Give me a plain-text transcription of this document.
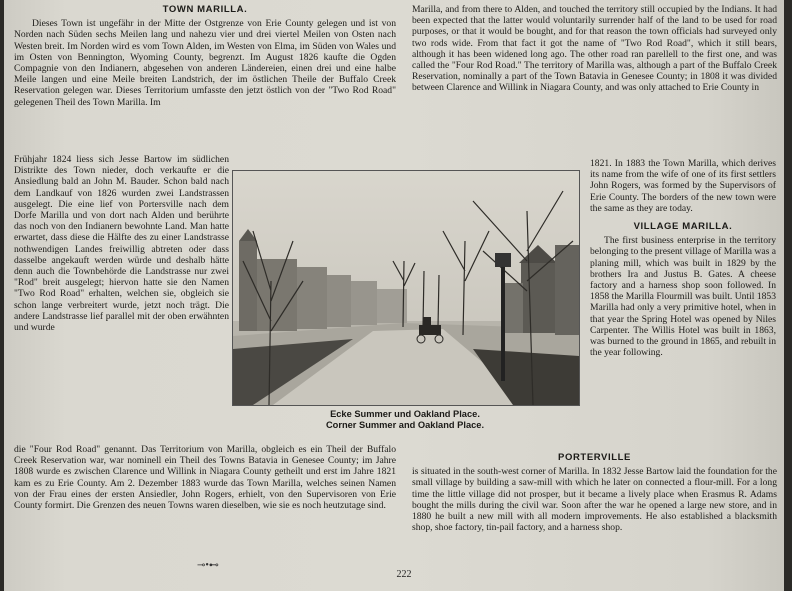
TOWN MARILLA.

Dieses Town ist ungefähr in der Mitte der Ostgrenze von Erie County gelegen und ist von Norden nach Süden sechs Meilen lang und nahezu vier und drei viertel Meilen von Osten nach Westen breit. Im Norden wird es vom Town Alden, im Westen von Elma, im Süden von Wales und im Osten von Bennington, Wyoming County, begrenzt. Im August 1826 kaufte die Ogden Compagnie von den Indianern, abgesehen von anderen Ländereien, einen drei und eine halbe Meile langen und eine Meile breiten Landstrich, der im östlichen Theile der Buffalo Creek Reservation gelegen war. Dieses Territorium umfasste den jetzt östlich von der "Two Rod Road" gelegenen Theil des Town Marilla. Im

Frühjahr 1824 liess sich Jesse Bartow im südlichen Distrikte des Town nieder, doch verkaufte er die Ansiedlung bald an John M. Bauder. Schon bald nach dem Landkauf von 1826 wurden zwei Landstrassen ausgelegt. Die eine lief von Portersville nach dem Dorfe Marilla und von dort nach Alden und berührte das noch von den Indianern bewohnte Land. Man hatte erwartet, dass diese die Hälfte des zu einer Landstrasse nothwendigen Landes freiwillig abtreten oder dass dasselbe angekauft werden würde und deshalb hätte denn auch die Townbehörde die Landstrasse nur zwei "Rod" breit ausgelegt; hiervon hatte sie den Namen "Two Rod Road" erhalten, welchen sie, obgleich sie schon lange verbreitert wurde, jetzt noch trägt. Die andere Landstrasse lief parallel mit der oben erwähnten und wurde

die "Four Rod Road" genannt. Das Territorium von Marilla, obgleich es ein Theil der Buffalo Creek Reservation war, war nominell ein Theil des Towns Batavia in Genesee County; im Jahre 1808 wurde es zwischen Clarence und Willink in Niagara County getheilt und erst im Jahre 1821 kam es zu Erie County. Am 2. Dezember 1883 wurde das Town Marilla, welches seinen Namen von der Frau eines der ersten Ansiedler, John Rogers, erhielt, von den Supervisoren von Erie County formirt. Die Grenzen des neuen Towns waren dieselben, wie sie es noch heutzutage sind.

Marilla, and from there to Alden, and touched the territory still occupied by the Indians. It had been expected that the latter would voluntarily surrender half of the land to be used for road purposes, or that it would be bought, and for that reason the town officials had surveyed only two rods wide. From that fact it got the name of "Two Rod Road", which it still bears, although it has been widened long ago. The other road ran parellell to the first one, and was called the "Four Rod Road." The territory of Marilla was, although a part of the Buffalo Creek Reservation, nominally a part of the Town Batavia in Genesee County; in 1808 it was divided between Clarence and Willink in Niagara County, and was only attached to Erie County in

1821. In 1883 the Town Marilla, which derives its name from the wife of one of its first settlers John Rogers, was formed by the Supervisors of Erie County. The borders of the new town were the same as they are today.

VILLAGE MARILLA.

The first business enterprise in the territory belonging to the present village of Marilla was a planing mill, which was built in 1829 by the brothers Ira and Justus B. Gates. A cheese factory and a harness shop soon followed. In 1858 the Marilla Flourmill was built. Until 1853 Marilla had only a very primitive hotel, when in that year the Spring Hotel was opened by Niles Carpenter. The Willis Hotel was built in 1863, was burned to the ground in 1865, and rebuilt in the year following.

PORTERVILLE

is situated in the south-west corner of Marilla. In 1832 Jesse Bartow laid the foundation for the small village by building a saw-mill with which he later on connected a flour-mill. For a long time the little village did not prosper, but it became a lively place when Erasmus R. Adams bought the mills during the civil war. Soon after the war he opened a large new store, and in 1880 he built a new mill with all modern improvements. He also established a blacksmith shop, shoe factory, tin-pail factory, and a harness shop.

Ecke Summer und Oakland Place.
Corner Summer and Oakland Place.
⊸•⊷
222
